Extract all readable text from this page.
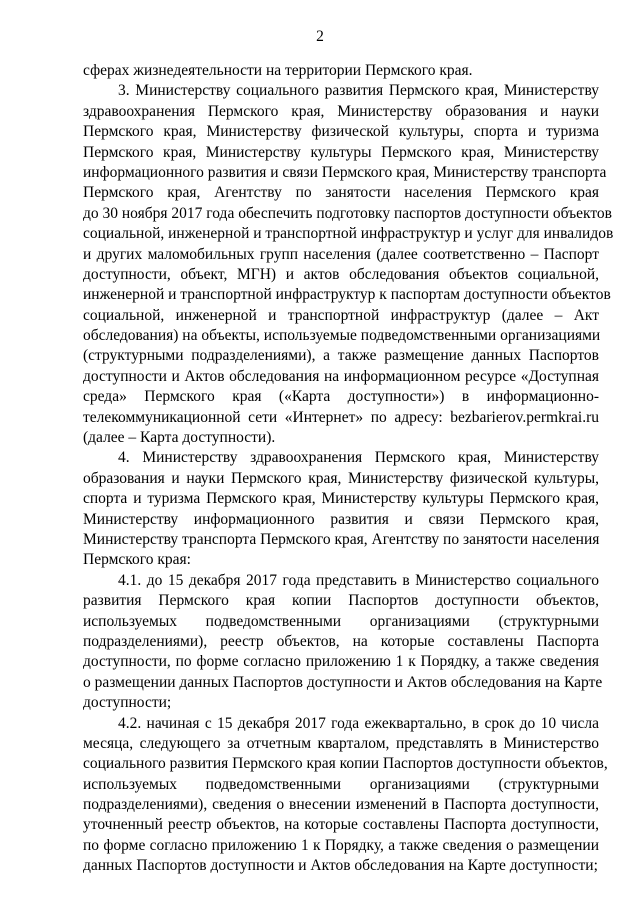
2
сферах жизнедеятельности на территории Пермского края.
3. Министерству социального развития Пермского края, Министерству
здравоохранения Пермского края, Министерству образования и науки
Пермского края, Министерству физической культуры, спорта и туризма
Пермского края, Министерству культуры Пермского края, Министерству
информационного развития и связи Пермского края, Министерству транспорта
Пермского края, Агентству по занятости населения Пермского края
до 30 ноября 2017 года обеспечить подготовку паспортов доступности объектов
социальной, инженерной и транспортной инфраструктур и услуг для инвалидов
и других маломобильных групп населения (далее соответственно – Паспорт
доступности, объект, МГН) и актов обследования объектов социальной,
инженерной и транспортной инфраструктур к паспортам доступности объектов
социальной, инженерной и транспортной инфраструктур (далее – Акт
обследования) на объекты, используемые подведомственными организациями
(структурными подразделениями), а также размещение данных Паспортов
доступности и Актов обследования на информационном ресурсе «Доступная
среда» Пермского края («Карта доступности») в информационно-
телекоммуникационной сети «Интернет» по адресу: bezbarierov.permkrai.ru
(далее – Карта доступности).
4. Министерству здравоохранения Пермского края, Министерству
образования и науки Пермского края, Министерству физической культуры,
спорта и туризма Пермского края, Министерству культуры Пермского края,
Министерству информационного развития и связи Пермского края,
Министерству транспорта Пермского края, Агентству по занятости населения
Пермского края:
4.1. до 15 декабря 2017 года представить в Министерство социального
развития Пермского края копии Паспортов доступности объектов,
используемых подведомственными организациями (структурными
подразделениями), реестр объектов, на которые составлены Паспорта
доступности, по форме согласно приложению 1 к Порядку, а также сведения
о размещении данных Паспортов доступности и Актов обследования на Карте
доступности;
4.2. начиная с 15 декабря 2017 года ежеквартально, в срок до 10 числа
месяца, следующего за отчетным кварталом, представлять в Министерство
социального развития Пермского края копии Паспортов доступности объектов,
используемых подведомственными организациями (структурными
подразделениями), сведения о внесении изменений в Паспорта доступности,
уточненный реестр объектов, на которые составлены Паспорта доступности,
по форме согласно приложению 1 к Порядку, а также сведения о размещении
данных Паспортов доступности и Актов обследования на Карте доступности;
